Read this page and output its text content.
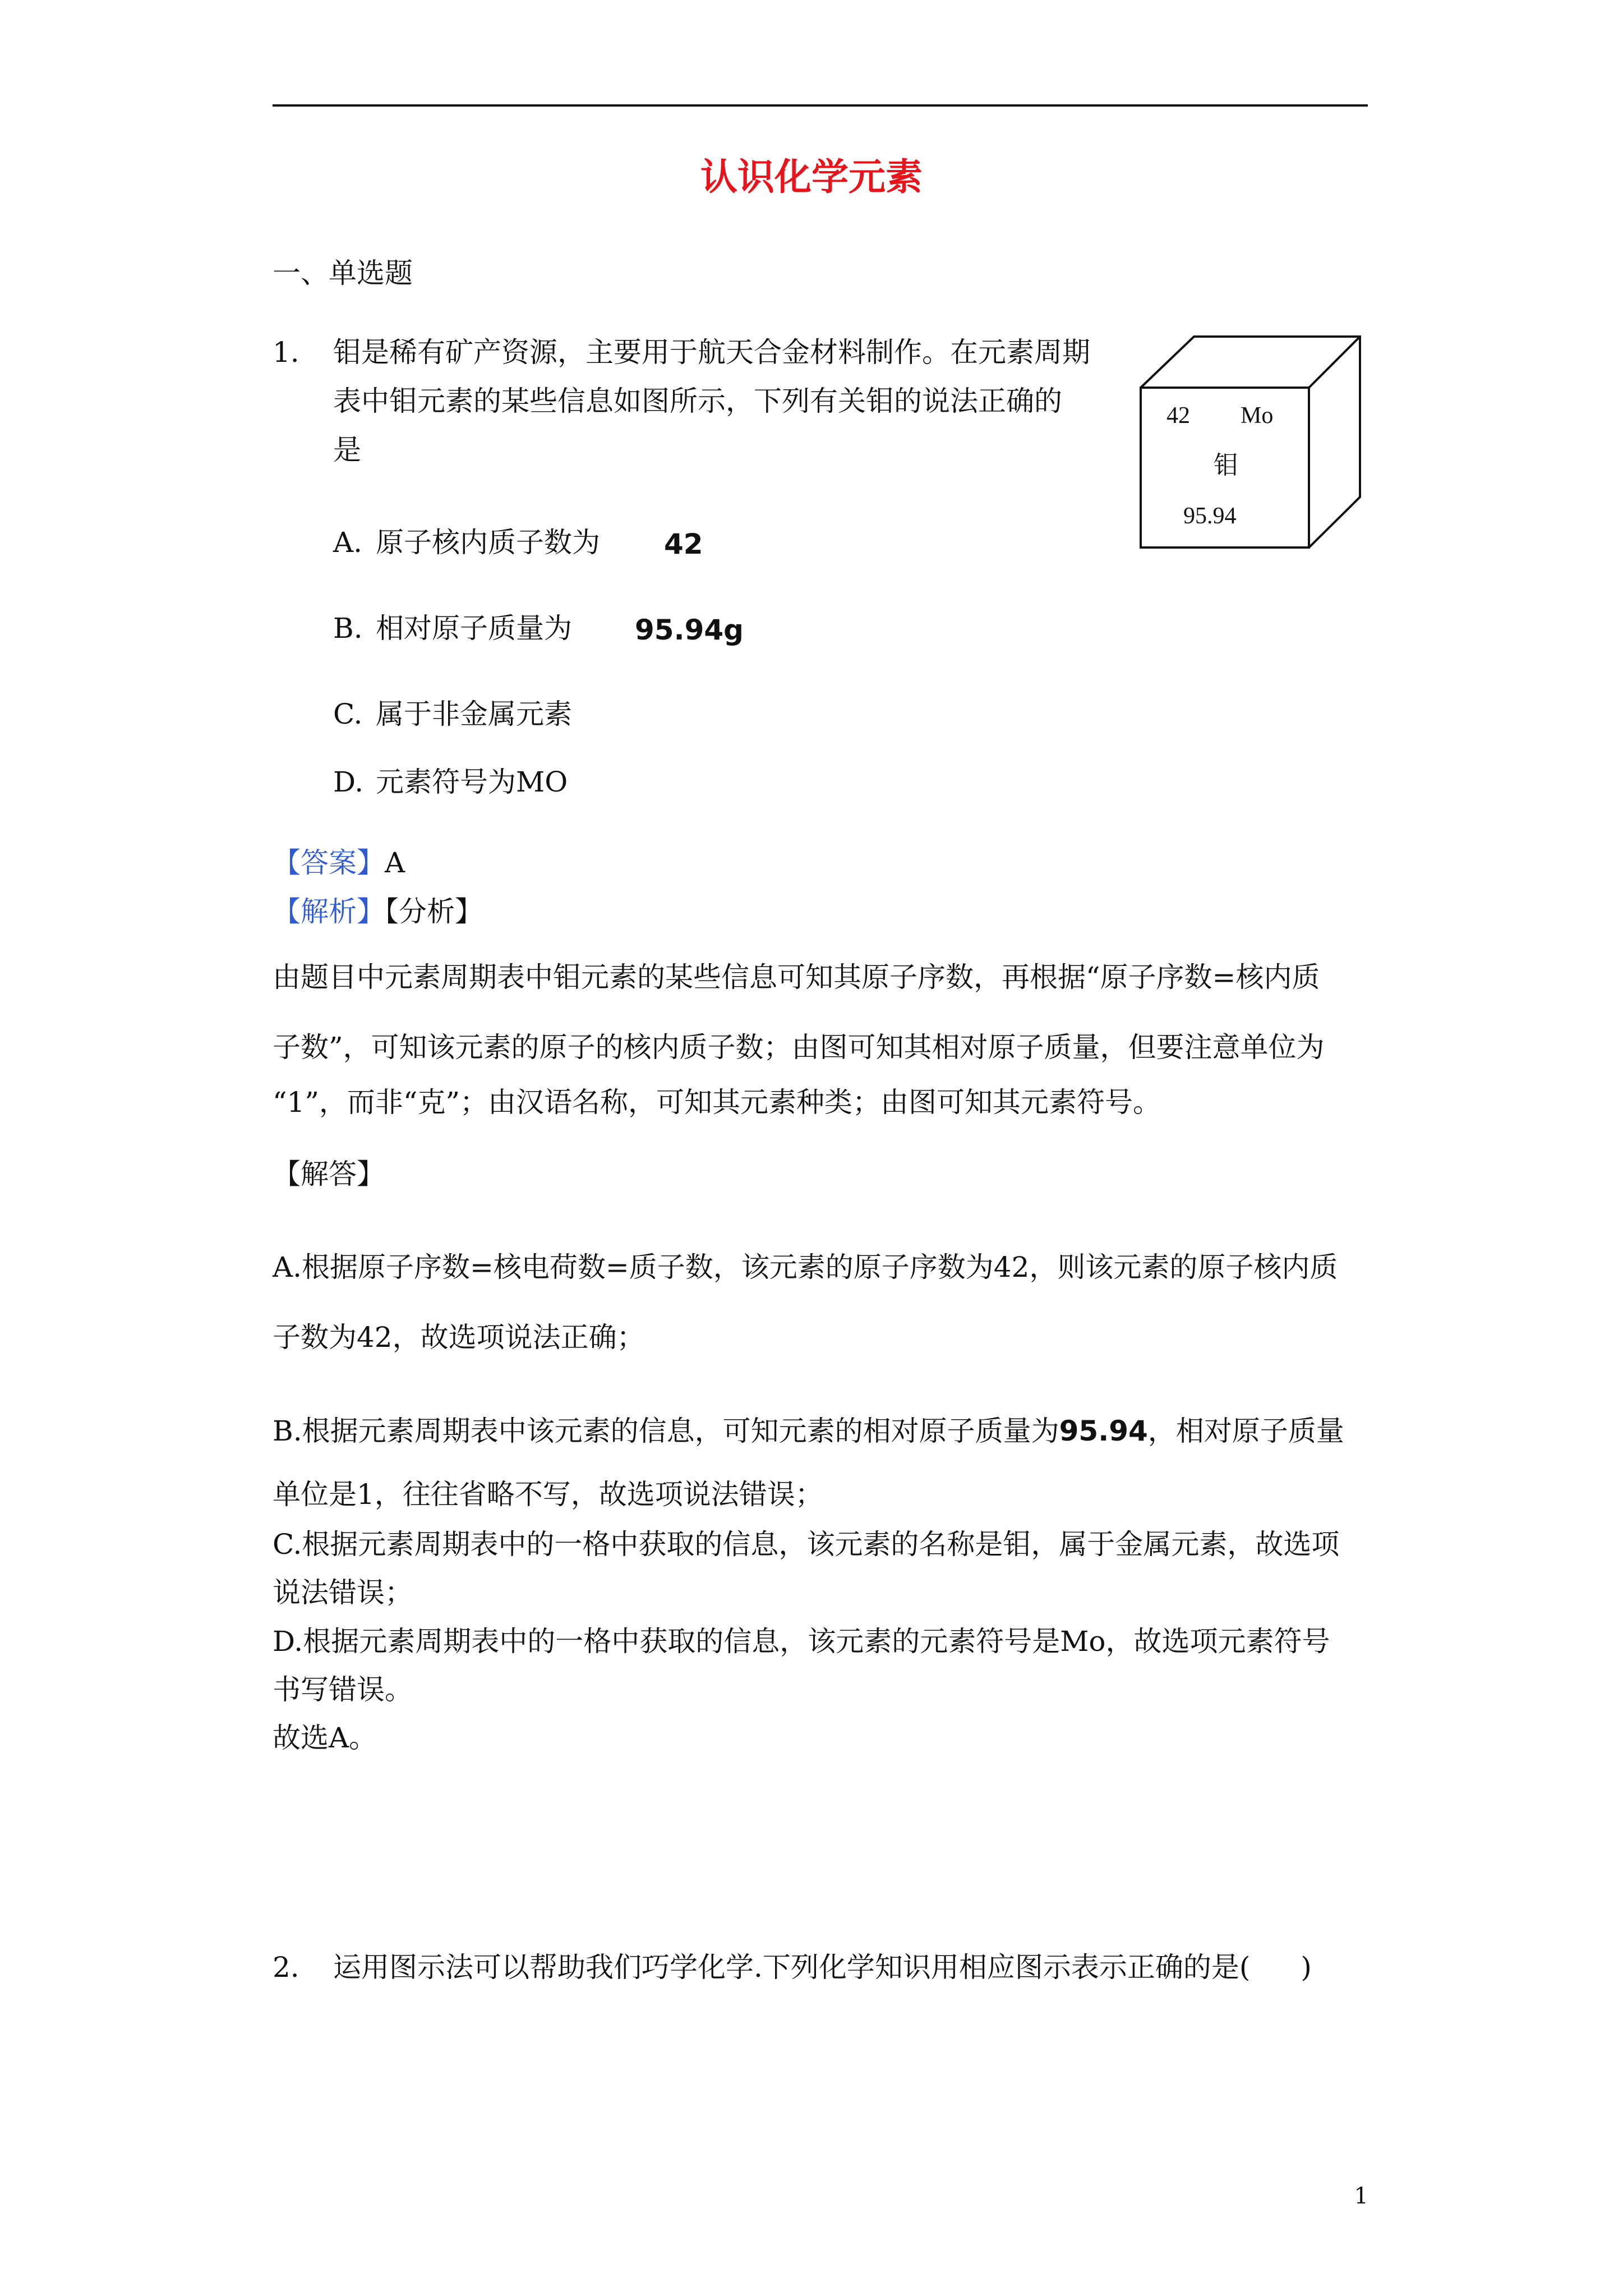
认识化学元素
一、单选题
1. 钼是稀有矿产资源，主要用于航天合金材料制作。在元素周期
表中钼元素的某些信息如图所示，下列有关钼的说法正确的
是
42 Mo
钼
95.94
A. 原子核内质子数为 42
B. 相对原子质量为 95.94g
C. 属于非金属元素
D. 元素符号为MO
【答案】A
【解析】【分析】
由题目中元素周期表中钼元素的某些信息可知其原子序数，再根据“原子序数=核内质
子数”，可知该元素的原子的核内质子数；由图可知其相对原子质量，但要注意单位为
“1”，而非“克”；由汉语名称，可知其元素种类；由图可知其元素符号。
【解答】
A.根据原子序数=核电荷数=质子数，该元素的原子序数为42，则该元素的原子核内质
子数为42，故选项说法正确；
B.根据元素周期表中该元素的信息，可知元素的相对原子质量为95.94，相对原子质量
单位是1，往往省略不写，故选项说法错误；
C.根据元素周期表中的一格中获取的信息，该元素的名称是钼，属于金属元素，故选项
说法错误；
D.根据元素周期表中的一格中获取的信息，该元素的元素符号是Mo，故选项元素符号
书写错误。
故选A。
2. 运用图示法可以帮助我们巧学化学.下列化学知识用相应图示表示正确的是( )
1
